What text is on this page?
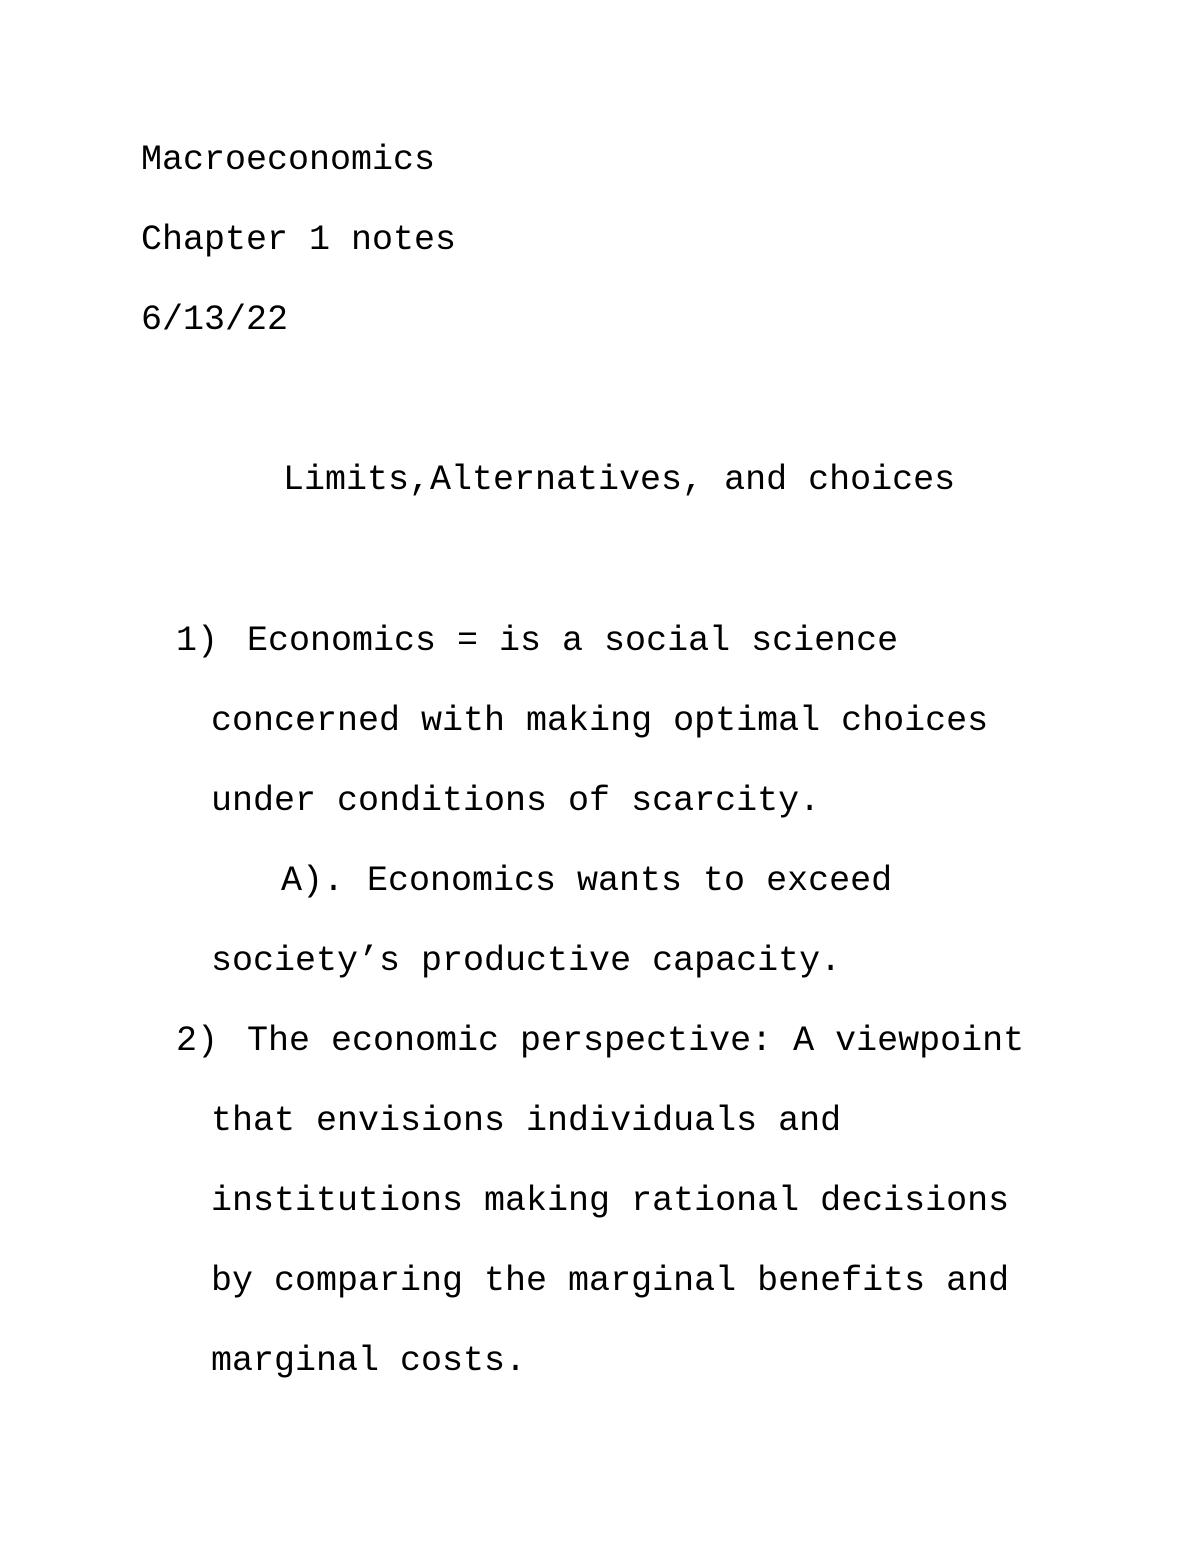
Macroeconomics
Chapter 1 notes
6/13/22
Limits,Alternatives, and choices
1) Economics = is a social science
concerned with making optimal choices
under conditions of scarcity.
A). Economics wants to exceed
society’s productive capacity.
2) The economic perspective: A viewpoint
that envisions individuals and
institutions making rational decisions
by comparing the marginal benefits and
marginal costs.
